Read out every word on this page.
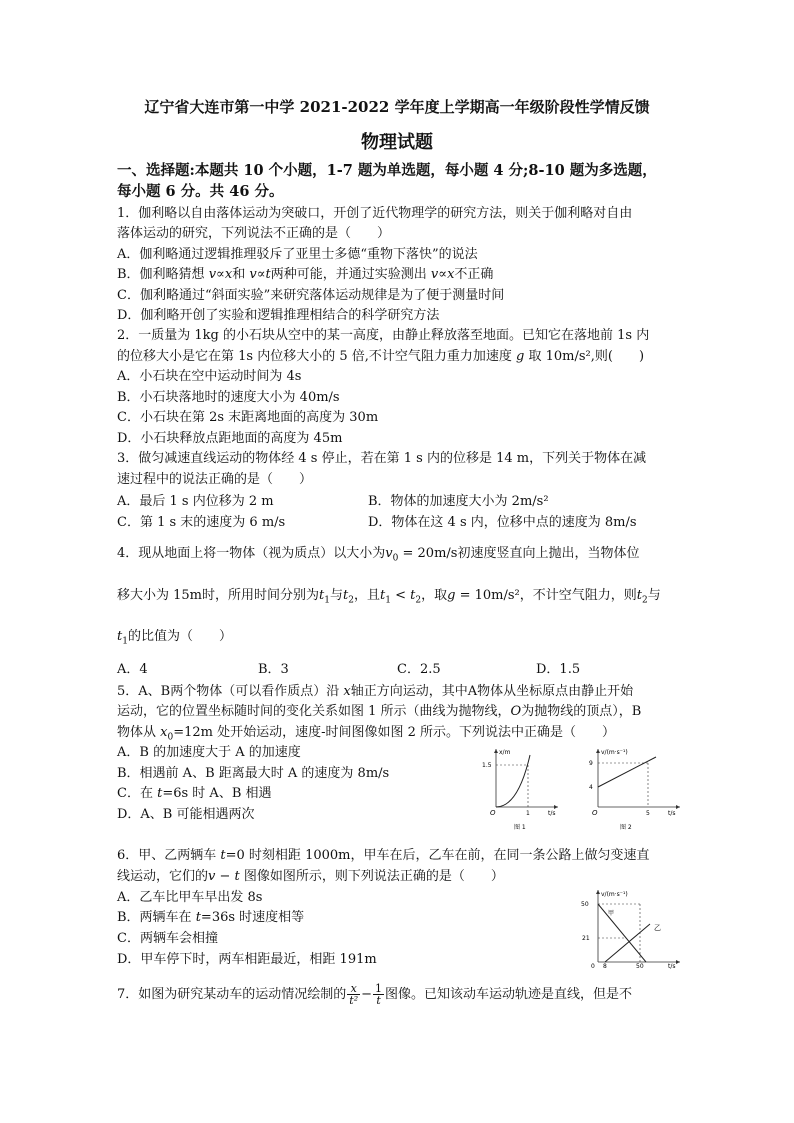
辽宁省大连市第一中学 2021-2022 学年度上学期高一年级阶段性学情反馈
物理试题
一、选择题:本题共 10 个小题，1-7 题为单选题，每小题 4 分;8-10 题为多选题，
每小题 6 分。共 46 分。
1．伽利略以自由落体运动为突破口，开创了近代物理学的研究方法，则关于伽利略对自由
落体运动的研究，下列说法不正确的是（　　）
A．伽利略通过逻辑推理驳斥了亚里士多德“重物下落快”的说法
B．伽利略猜想 v∝x和 v∝t两种可能，并通过实验测出 v∝x不正确
C．伽利略通过“斜面实验”来研究落体运动规律是为了便于测量时间
D．伽利略开创了实验和逻辑推理相结合的科学研究方法
2．一质量为 1kg 的小石块从空中的某一高度，由静止释放落至地面。已知它在落地前 1s 内
的位移大小是它在第 1s 内位移大小的 5 倍,不计空气阻力重力加速度 g 取 10m/s²,则(　　)
A．小石块在空中运动时间为 4s
B．小石块落地时的速度大小为 40m/s
C．小石块在第 2s 末距离地面的高度为 30m
D．小石块释放点距地面的高度为 45m
3．做匀减速直线运动的物体经 4 s 停止，若在第 1 s 内的位移是 14 m，下列关于物体在减
速过程中的说法正确的是（　　）
A．最后 1 s 内位移为 2 m	B．物体的加速度大小为 2m/s²
C．第 1 s 末的速度为 6 m/s	D．物体在这 4 s 内，位移中点的速度为 8m/s
4．现从地面上将一物体（视为质点）以大小为$v_0 = 20m/s$初速度竖直向上抛出，当物体位
移大小为 15m时，所用时间分别为$t_1$与$t_2$，且$t_1 < t_2$，取g = 10m/s²，不计空气阻力，则$t_2$与
$t_1$的比值为（　　）
A．4	B．3	C．2.5	D．1.5
5．A、B两个物体（可以看作质点）沿 x轴正方向运动，其中A物体从坐标原点由静止开始
运动，它的位置坐标随时间的变化关系如图 1 所示（曲线为抛物线，O为抛物线的顶点），B
物体从 $x_0=12m$ 处开始运动，速度-时间图像如图 2 所示。下列说法中正确是（　　）
A．B 的加速度大于 A 的加速度
B．相遇前 A、B 距离最大时 A 的速度为 8m/s
C．在 t=6s 时 A、B 相遇
D．A、B 可能相遇两次
x/m
1.5
O	1	t/s
图 1
v/(m·s⁻¹)
9
4
O	5	t/s
图 2
6．甲、乙两辆车 t=0 时刻相距 1000m，甲车在后，乙车在前，在同一条公路上做匀变速直
线运动，它们的v − t 图像如图所示，则下列说法正确的是（　　）
A．乙车比甲车早出发 8s
B．两辆车在 t=36s 时速度相等
C．两辆车会相撞
D．甲车停下时，两车相距最近，相距 191m
v/(m·s⁻¹)
50
21
0 8	50	t/s
甲
乙
7．如图为研究某动车的运动情况绘制的 $\frac{x}{\text{t²}} - \frac{1}{t}$ 图像。已知该动车运动轨迹是直线，但是不
